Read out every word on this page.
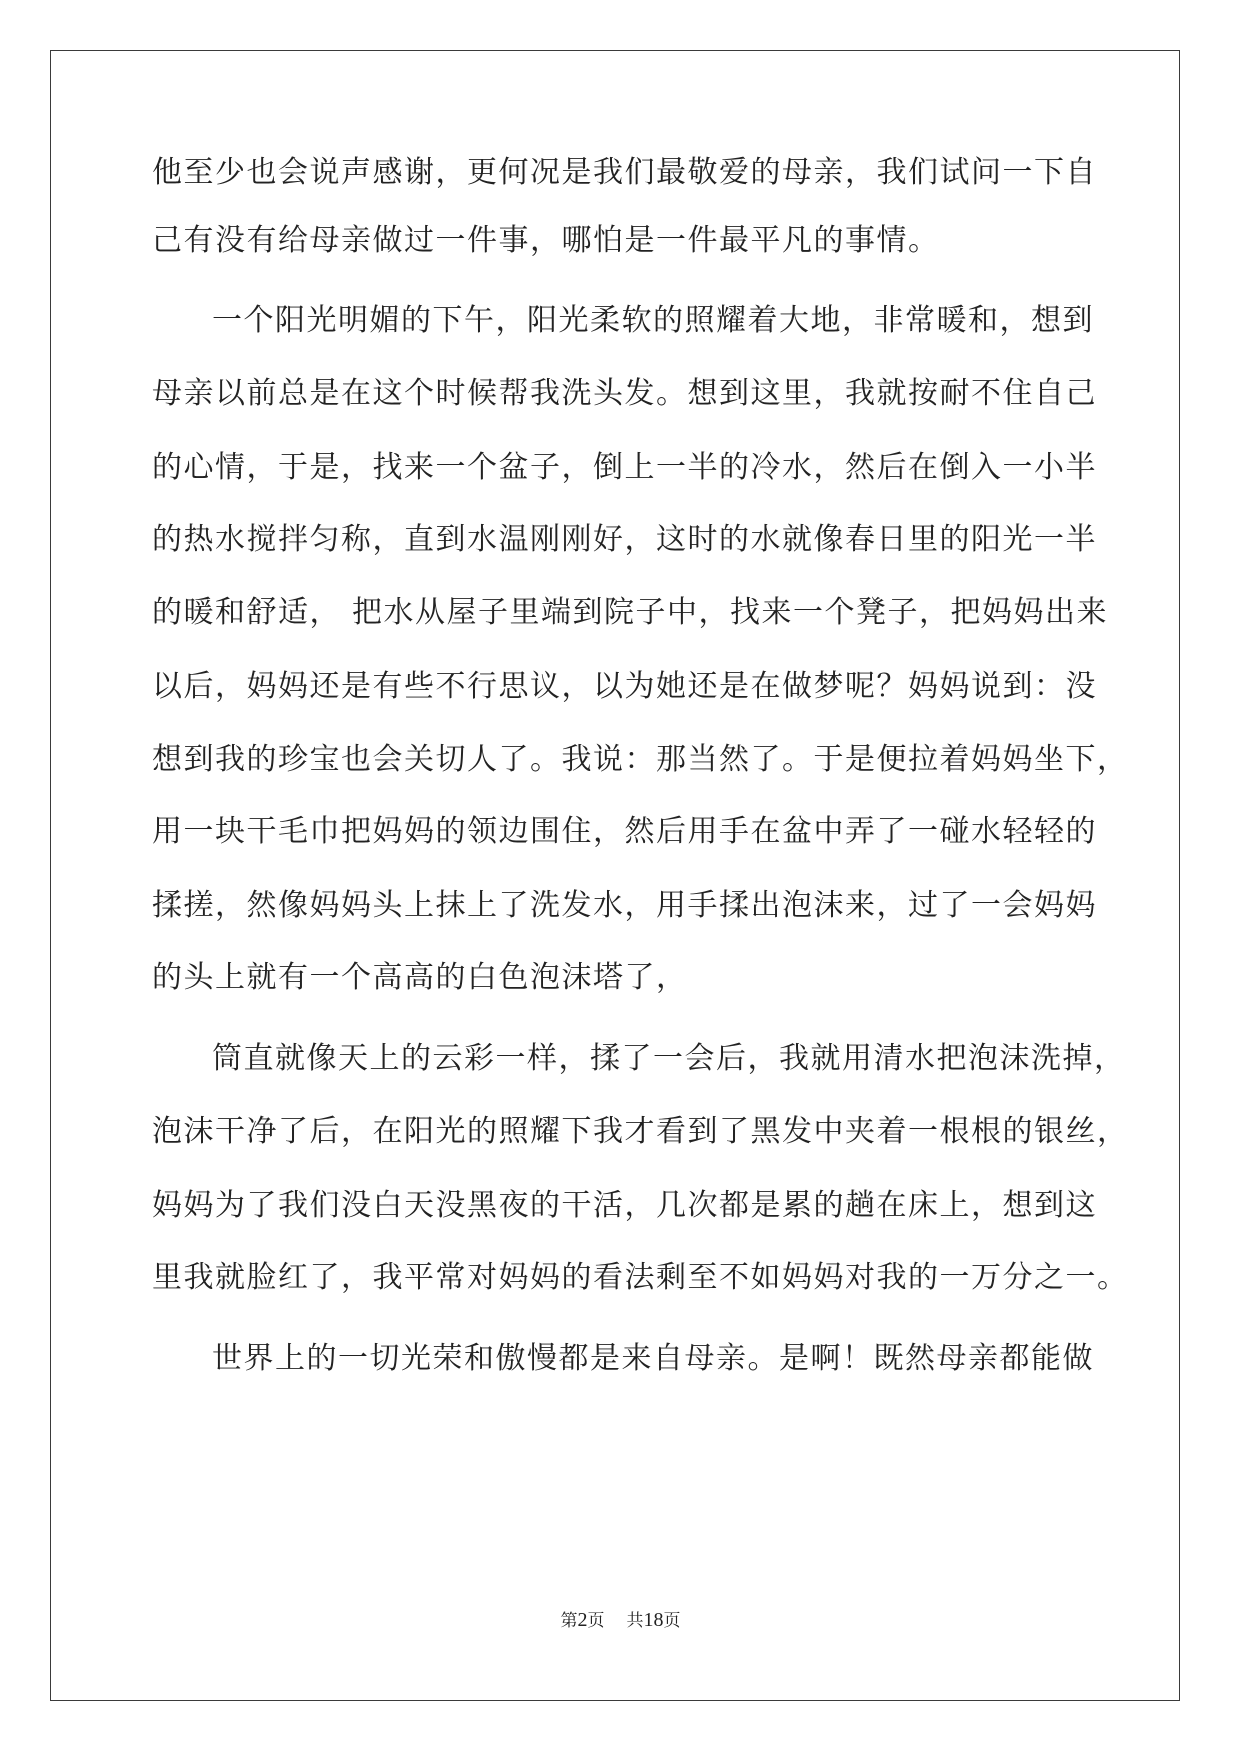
他至少也会说声感谢，更何况是我们最敬爱的母亲，我们试问一下自

己有没有给母亲做过一件事，哪怕是一件最平凡的事情。

一个阳光明媚的下午，阳光柔软的照耀着大地，非常暖和，想到

母亲以前总是在这个时候帮我洗头发。想到这里，我就按耐不住自己

的心情，于是，找来一个盆子，倒上一半的冷水，然后在倒入一小半

的热水搅拌匀称，直到水温刚刚好，这时的水就像春日里的阳光一半

的暖和舒适， 把水从屋子里端到院子中，找来一个凳子，把妈妈出来

以后，妈妈还是有些不行思议，以为她还是在做梦呢？妈妈说到：没

想到我的珍宝也会关切人了。我说：那当然了。于是便拉着妈妈坐下，

用一块干毛巾把妈妈的领边围住，然后用手在盆中弄了一碰水轻轻的

揉搓，然像妈妈头上抹上了洗发水，用手揉出泡沫来，过了一会妈妈

的头上就有一个高高的白色泡沫塔了，

筒直就像天上的云彩一样，揉了一会后，我就用清水把泡沫洗掉，

泡沫干净了后，在阳光的照耀下我才看到了黑发中夹着一根根的银丝，

妈妈为了我们没白天没黑夜的干活，几次都是累的趟在床上，想到这

里我就脸红了，我平常对妈妈的看法剩至不如妈妈对我的一万分之一。

世界上的一切光荣和傲慢都是来自母亲。是啊！既然母亲都能做

第2页 共18页
